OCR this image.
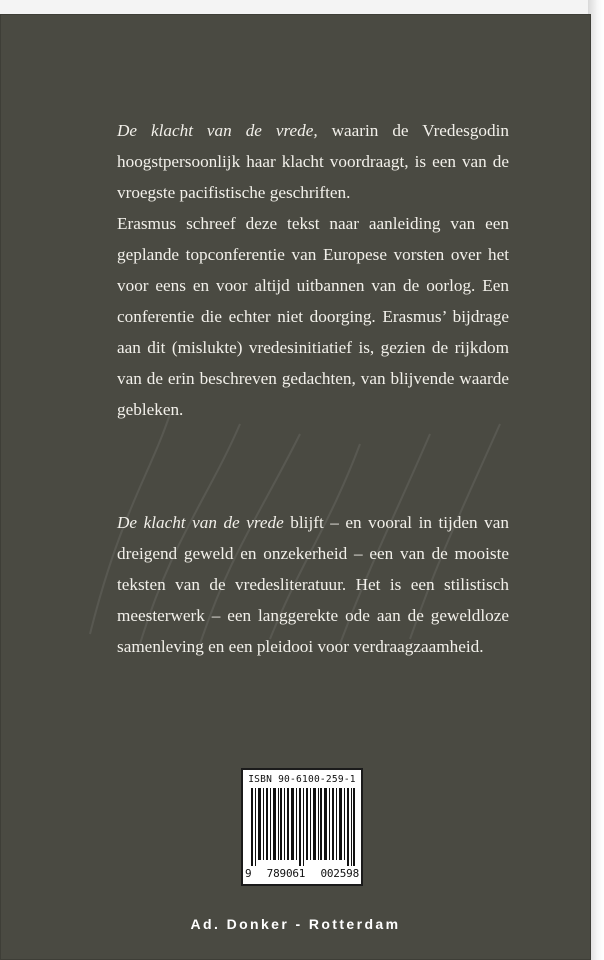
De klacht van de vrede, waarin de Vredesgodin hoogstpersoonlijk haar klacht voordraagt, is een van de vroegste pacifistische geschriften.

Erasmus schreef deze tekst naar aanleiding van een geplande topconferentie van Europese vorsten over het voor eens en voor altijd uitbannen van de oorlog. Een conferentie die echter niet doorging. Erasmus’ bijdrage aan dit (mislukte) vredesinitiatief is, gezien de rijkdom van de erin beschreven gedachten, van blijvende waarde gebleken.

De klacht van de vrede blijft – en vooral in tijden van dreigend geweld en onzekerheid – een van de mooiste teksten van de vredesliteratuur. Het is een stilistisch meesterwerk – een langgerekte ode aan de geweldloze samenleving en een pleidooi voor verdraagzaamheid.

ISBN 90-6100-259-1
9 789061 002598
Ad. Donker - Rotterdam
